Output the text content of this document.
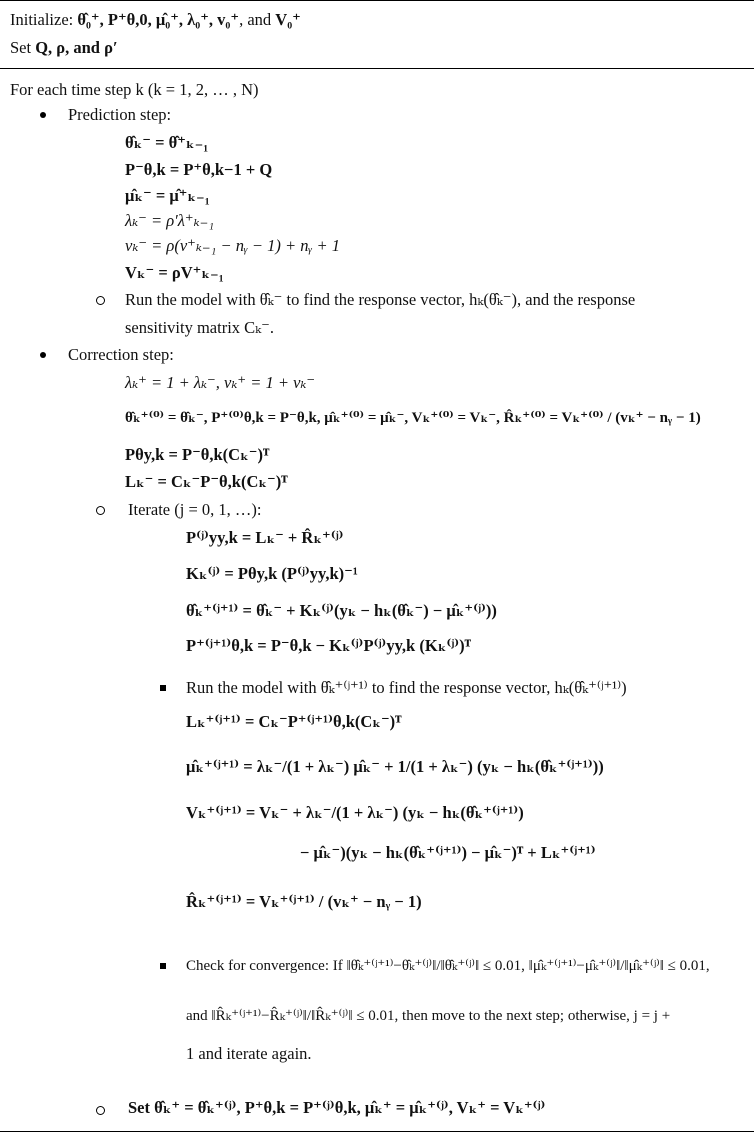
Initialize: θ̂₀⁺, P⁺θ,0, μ̂₀⁺, λ₀⁺, v₀⁺, and V₀⁺
Set Q, ρ, and ρ′
For each time step k (k = 1, 2, … , N)
Prediction step:
θ̂ₖ⁻ = θ̂⁺ₖ₋₁
P⁻θ,k = P⁺θ,k−1 + Q
μ̂ₖ⁻ = μ̂⁺ₖ₋₁
λₖ⁻ = ρ′λ⁺ₖ₋₁
vₖ⁻ = ρ(v⁺ₖ₋₁ − nᵧ − 1) + nᵧ + 1
Vₖ⁻ = ρV⁺ₖ₋₁
Run the model with θ̂ₖ⁻ to find the response vector, hₖ(θ̂ₖ⁻), and the response
sensitivity matrix Cₖ⁻.
Correction step:
λₖ⁺ = 1 + λₖ⁻, vₖ⁺ = 1 + vₖ⁻
θ̂ₖ⁺⁽⁰⁾ = θ̂ₖ⁻, P⁺⁽⁰⁾θ,k = P⁻θ,k, μ̂ₖ⁺⁽⁰⁾ = μ̂ₖ⁻, Vₖ⁺⁽⁰⁾ = Vₖ⁻, R̂ₖ⁺⁽⁰⁾ = Vₖ⁺⁽⁰⁾ / (vₖ⁺ − nᵧ − 1)
Pθy,k = P⁻θ,k(Cₖ⁻)ᵀ
Lₖ⁻ = Cₖ⁻P⁻θ,k(Cₖ⁻)ᵀ
Iterate (j = 0, 1, …):
P⁽ʲ⁾yy,k = Lₖ⁻ + R̂ₖ⁺⁽ʲ⁾
Kₖ⁽ʲ⁾ = Pθy,k (P⁽ʲ⁾yy,k)⁻¹
θ̂ₖ⁺⁽ʲ⁺¹⁾ = θ̂ₖ⁻ + Kₖ⁽ʲ⁾(yₖ − hₖ(θ̂ₖ⁻) − μ̂ₖ⁺⁽ʲ⁾))
P⁺⁽ʲ⁺¹⁾θ,k = P⁻θ,k − Kₖ⁽ʲ⁾P⁽ʲ⁾yy,k (Kₖ⁽ʲ⁾)ᵀ
Run the model with θ̂ₖ⁺⁽ʲ⁺¹⁾ to find the response vector, hₖ(θ̂ₖ⁺⁽ʲ⁺¹⁾)
Lₖ⁺⁽ʲ⁺¹⁾ = Cₖ⁻P⁺⁽ʲ⁺¹⁾θ,k(Cₖ⁻)ᵀ
μ̂ₖ⁺⁽ʲ⁺¹⁾ = λₖ⁻/(1 + λₖ⁻) μ̂ₖ⁻ + 1/(1 + λₖ⁻) (yₖ − hₖ(θ̂ₖ⁺⁽ʲ⁺¹⁾))
Vₖ⁺⁽ʲ⁺¹⁾ = Vₖ⁻ + λₖ⁻/(1 + λₖ⁻) (yₖ − hₖ(θ̂ₖ⁺⁽ʲ⁺¹⁾)
− μ̂ₖ⁻)(yₖ − hₖ(θ̂ₖ⁺⁽ʲ⁺¹⁾) − μ̂ₖ⁻)ᵀ + Lₖ⁺⁽ʲ⁺¹⁾
R̂ₖ⁺⁽ʲ⁺¹⁾ = Vₖ⁺⁽ʲ⁺¹⁾ / (vₖ⁺ − nᵧ − 1)
Check for convergence: If ‖θ̂ₖ⁺⁽ʲ⁺¹⁾−θ̂ₖ⁺⁽ʲ⁾‖/‖θ̂ₖ⁺⁽ʲ⁾‖ ≤ 0.01, ‖μ̂ₖ⁺⁽ʲ⁺¹⁾−μ̂ₖ⁺⁽ʲ⁾‖/‖μ̂ₖ⁺⁽ʲ⁾‖ ≤ 0.01,
and ‖R̂ₖ⁺⁽ʲ⁺¹⁾−R̂ₖ⁺⁽ʲ⁾‖/‖R̂ₖ⁺⁽ʲ⁾‖ ≤ 0.01, then move to the next step; otherwise, j = j +
1 and iterate again.
Set θ̂ₖ⁺ = θ̂ₖ⁺⁽ʲ⁾, P⁺θ,k = P⁺⁽ʲ⁾θ,k, μ̂ₖ⁺ = μ̂ₖ⁺⁽ʲ⁾, Vₖ⁺ = Vₖ⁺⁽ʲ⁾
